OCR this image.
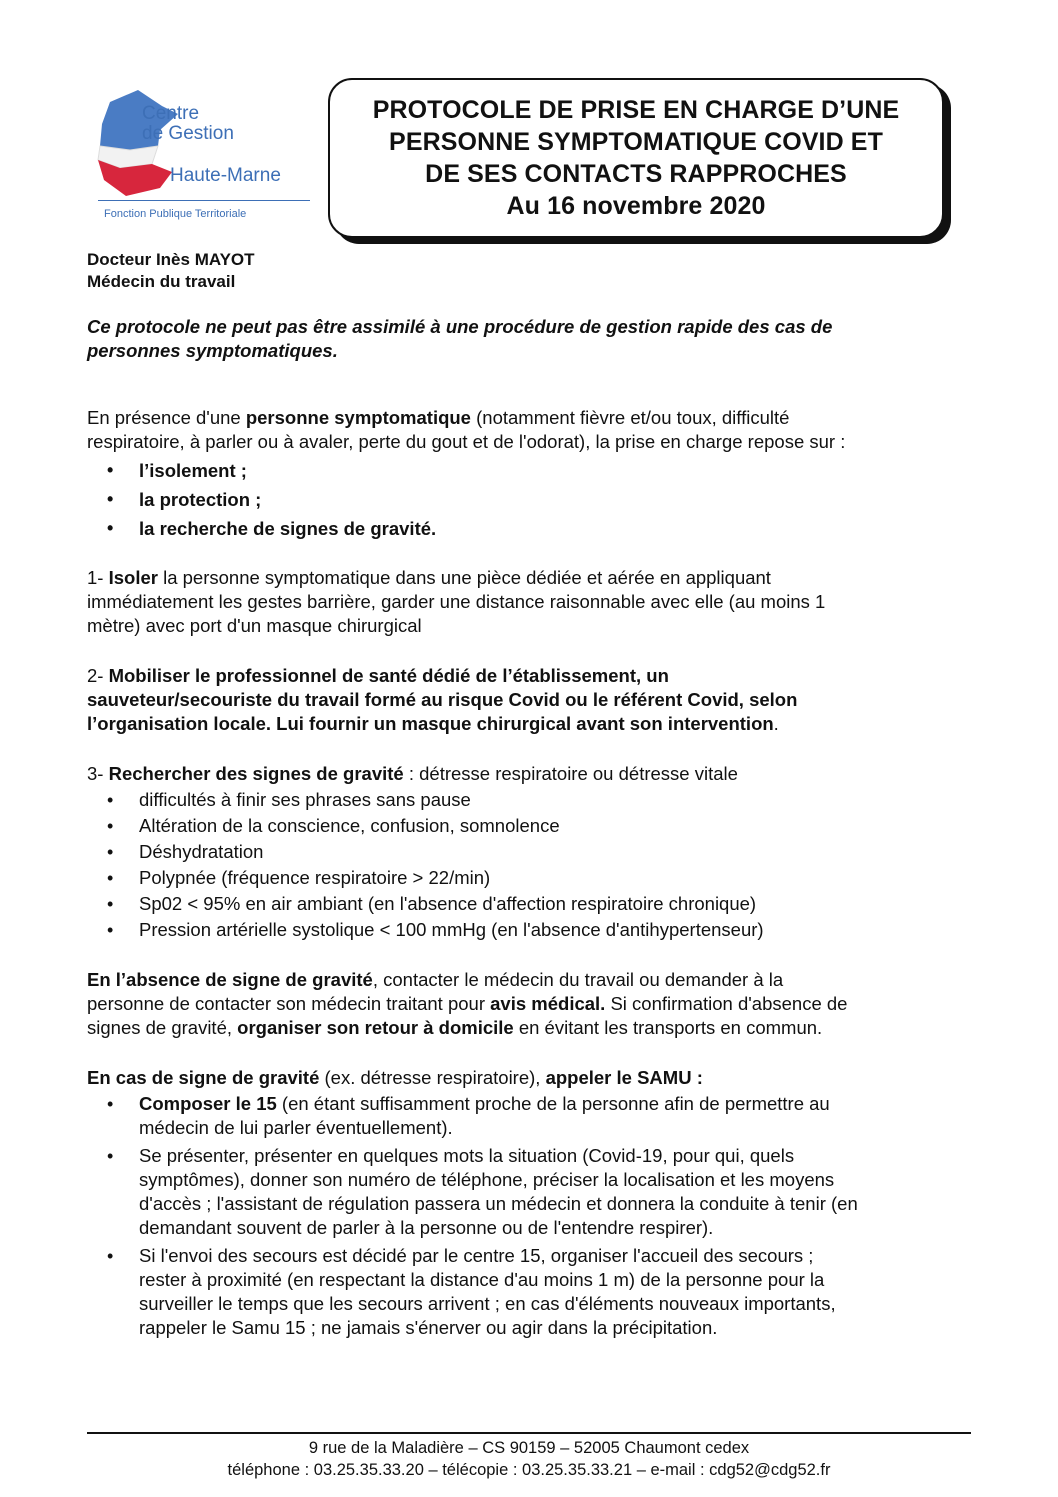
Centre
de Gestion
Haute-Marne
Fonction Publique Territoriale
PROTOCOLE DE PRISE EN CHARGE D’UNE
PERSONNE SYMPTOMATIQUE COVID ET
DE SES CONTACTS RAPPROCHES
Au 16 novembre 2020
Docteur Inès MAYOT
Médecin du travail
Ce protocole ne peut pas être assimilé à une procédure de gestion rapide des cas de
personnes symptomatiques.
En présence d'une personne symptomatique (notamment fièvre et/ou toux, difficulté
respiratoire, à parler ou à avaler, perte du gout et de l'odorat), la prise en charge repose sur :
• l’isolement ;
• la protection ;
• la recherche de signes de gravité.
1- Isoler la personne symptomatique dans une pièce dédiée et aérée en appliquant
immédiatement les gestes barrière, garder une distance raisonnable avec elle (au moins 1
mètre) avec port d'un masque chirurgical
2- Mobiliser le professionnel de santé dédié de l’établissement, un
sauveteur/secouriste du travail formé au risque Covid ou le référent Covid, selon
l’organisation locale. Lui fournir un masque chirurgical avant son intervention.
3- Rechercher des signes de gravité : détresse respiratoire ou détresse vitale
• difficultés à finir ses phrases sans pause
• Altération de la conscience, confusion, somnolence
• Déshydratation
• Polypnée (fréquence respiratoire > 22/min)
• Sp02 < 95% en air ambiant (en l'absence d'affection respiratoire chronique)
• Pression artérielle systolique < 100 mmHg (en l'absence d'antihypertenseur)
En l’absence de signe de gravité, contacter le médecin du travail ou demander à la
personne de contacter son médecin traitant pour avis médical. Si confirmation d'absence de
signes de gravité, organiser son retour à domicile en évitant les transports en commun.
En cas de signe de gravité (ex. détresse respiratoire), appeler le SAMU :
• Composer le 15 (en étant suffisamment proche de la personne afin de permettre au
médecin de lui parler éventuellement).
• Se présenter, présenter en quelques mots la situation (Covid-19, pour qui, quels
symptômes), donner son numéro de téléphone, préciser la localisation et les moyens
d'accès ; l'assistant de régulation passera un médecin et donnera la conduite à tenir (en
demandant souvent de parler à la personne ou de l'entendre respirer).
• Si l'envoi des secours est décidé par le centre 15, organiser l'accueil des secours ;
rester à proximité (en respectant la distance d'au moins 1 m) de la personne pour la
surveiller le temps que les secours arrivent ; en cas d'éléments nouveaux importants,
rappeler le Samu 15 ; ne jamais s'énerver ou agir dans la précipitation.
9 rue de la Maladière – CS 90159 – 52005 Chaumont cedex
téléphone : 03.25.35.33.20 – télécopie : 03.25.35.33.21 – e-mail : cdg52@cdg52.fr
